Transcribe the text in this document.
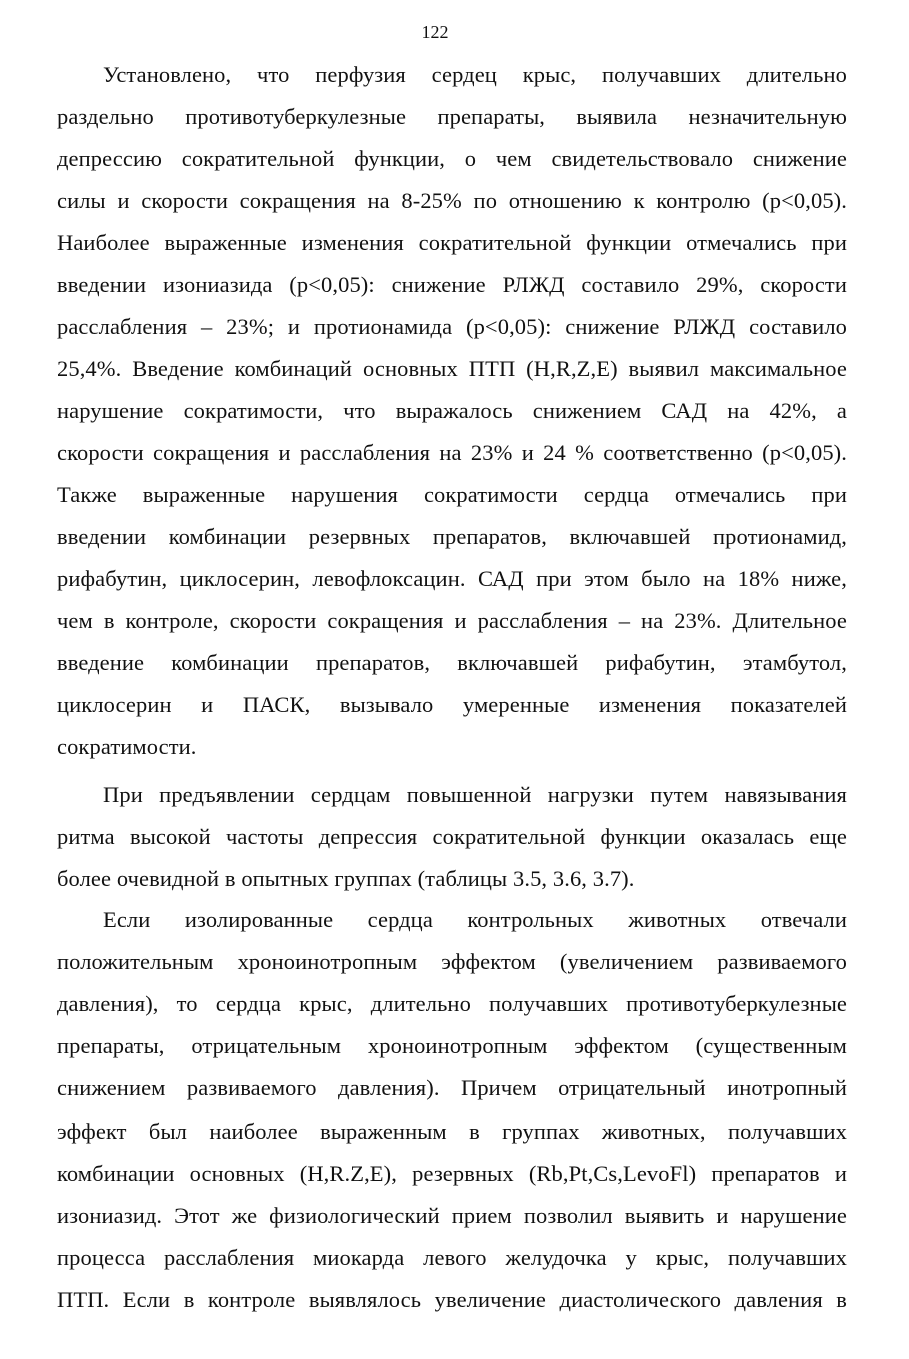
122
Установлено, что перфузия сердец крыс, получавших длительно
раздельно противотуберкулезные препараты, выявила незначительную
депрессию сократительной функции, о чем свидетельствовало снижение
силы и скорости сокращения на 8-25% по отношению к контролю (р<0,05).
Наиболее выраженные изменения сократительной функции отмечались при
введении изониазида (р<0,05): снижение РЛЖД составило 29%, скорости
расслабления – 23%; и протионамида (р<0,05): снижение РЛЖД составило
25,4%. Введение комбинаций основных ПТП (H,R,Z,E) выявил максимальное
нарушение сократимости, что выражалось снижением САД на 42%, а
скорости сокращения и расслабления на 23% и 24 % соответственно (р<0,05).
Также выраженные нарушения сократимости сердца отмечались при
введении комбинации резервных препаратов, включавшей протионамид,
рифабутин, циклосерин, левофлоксацин. САД при этом было на 18% ниже,
чем в контроле, скорости сокращения и расслабления – на 23%. Длительное
введение комбинации препаратов, включавшей рифабутин, этамбутол,
циклосерин и ПАСК, вызывало умеренные изменения показателей
сократимости.
При предъявлении сердцам повышенной нагрузки путем навязывания
ритма высокой частоты депрессия сократительной функции оказалась еще
более очевидной в опытных группах (таблицы 3.5, 3.6, 3.7).
Если изолированные сердца контрольных животных отвечали
положительным хроноинотропным эффектом (увеличением развиваемого
давления), то сердца крыс, длительно получавших противотуберкулезные
препараты, отрицательным хроноинотропным эффектом (существенным
снижением развиваемого давления). Причем отрицательный инотропный
эффект был наиболее выраженным в группах животных, получавших
комбинации основных (H,R.Z,E), резервных (Rb,Pt,Cs,LevoFl) препаратов и
изониазид. Этот же физиологический прием позволил выявить и нарушение
процесса расслабления миокарда левого желудочка у крыс, получавших
ПТП. Если в контроле выявлялось увеличение диастолического давления в
